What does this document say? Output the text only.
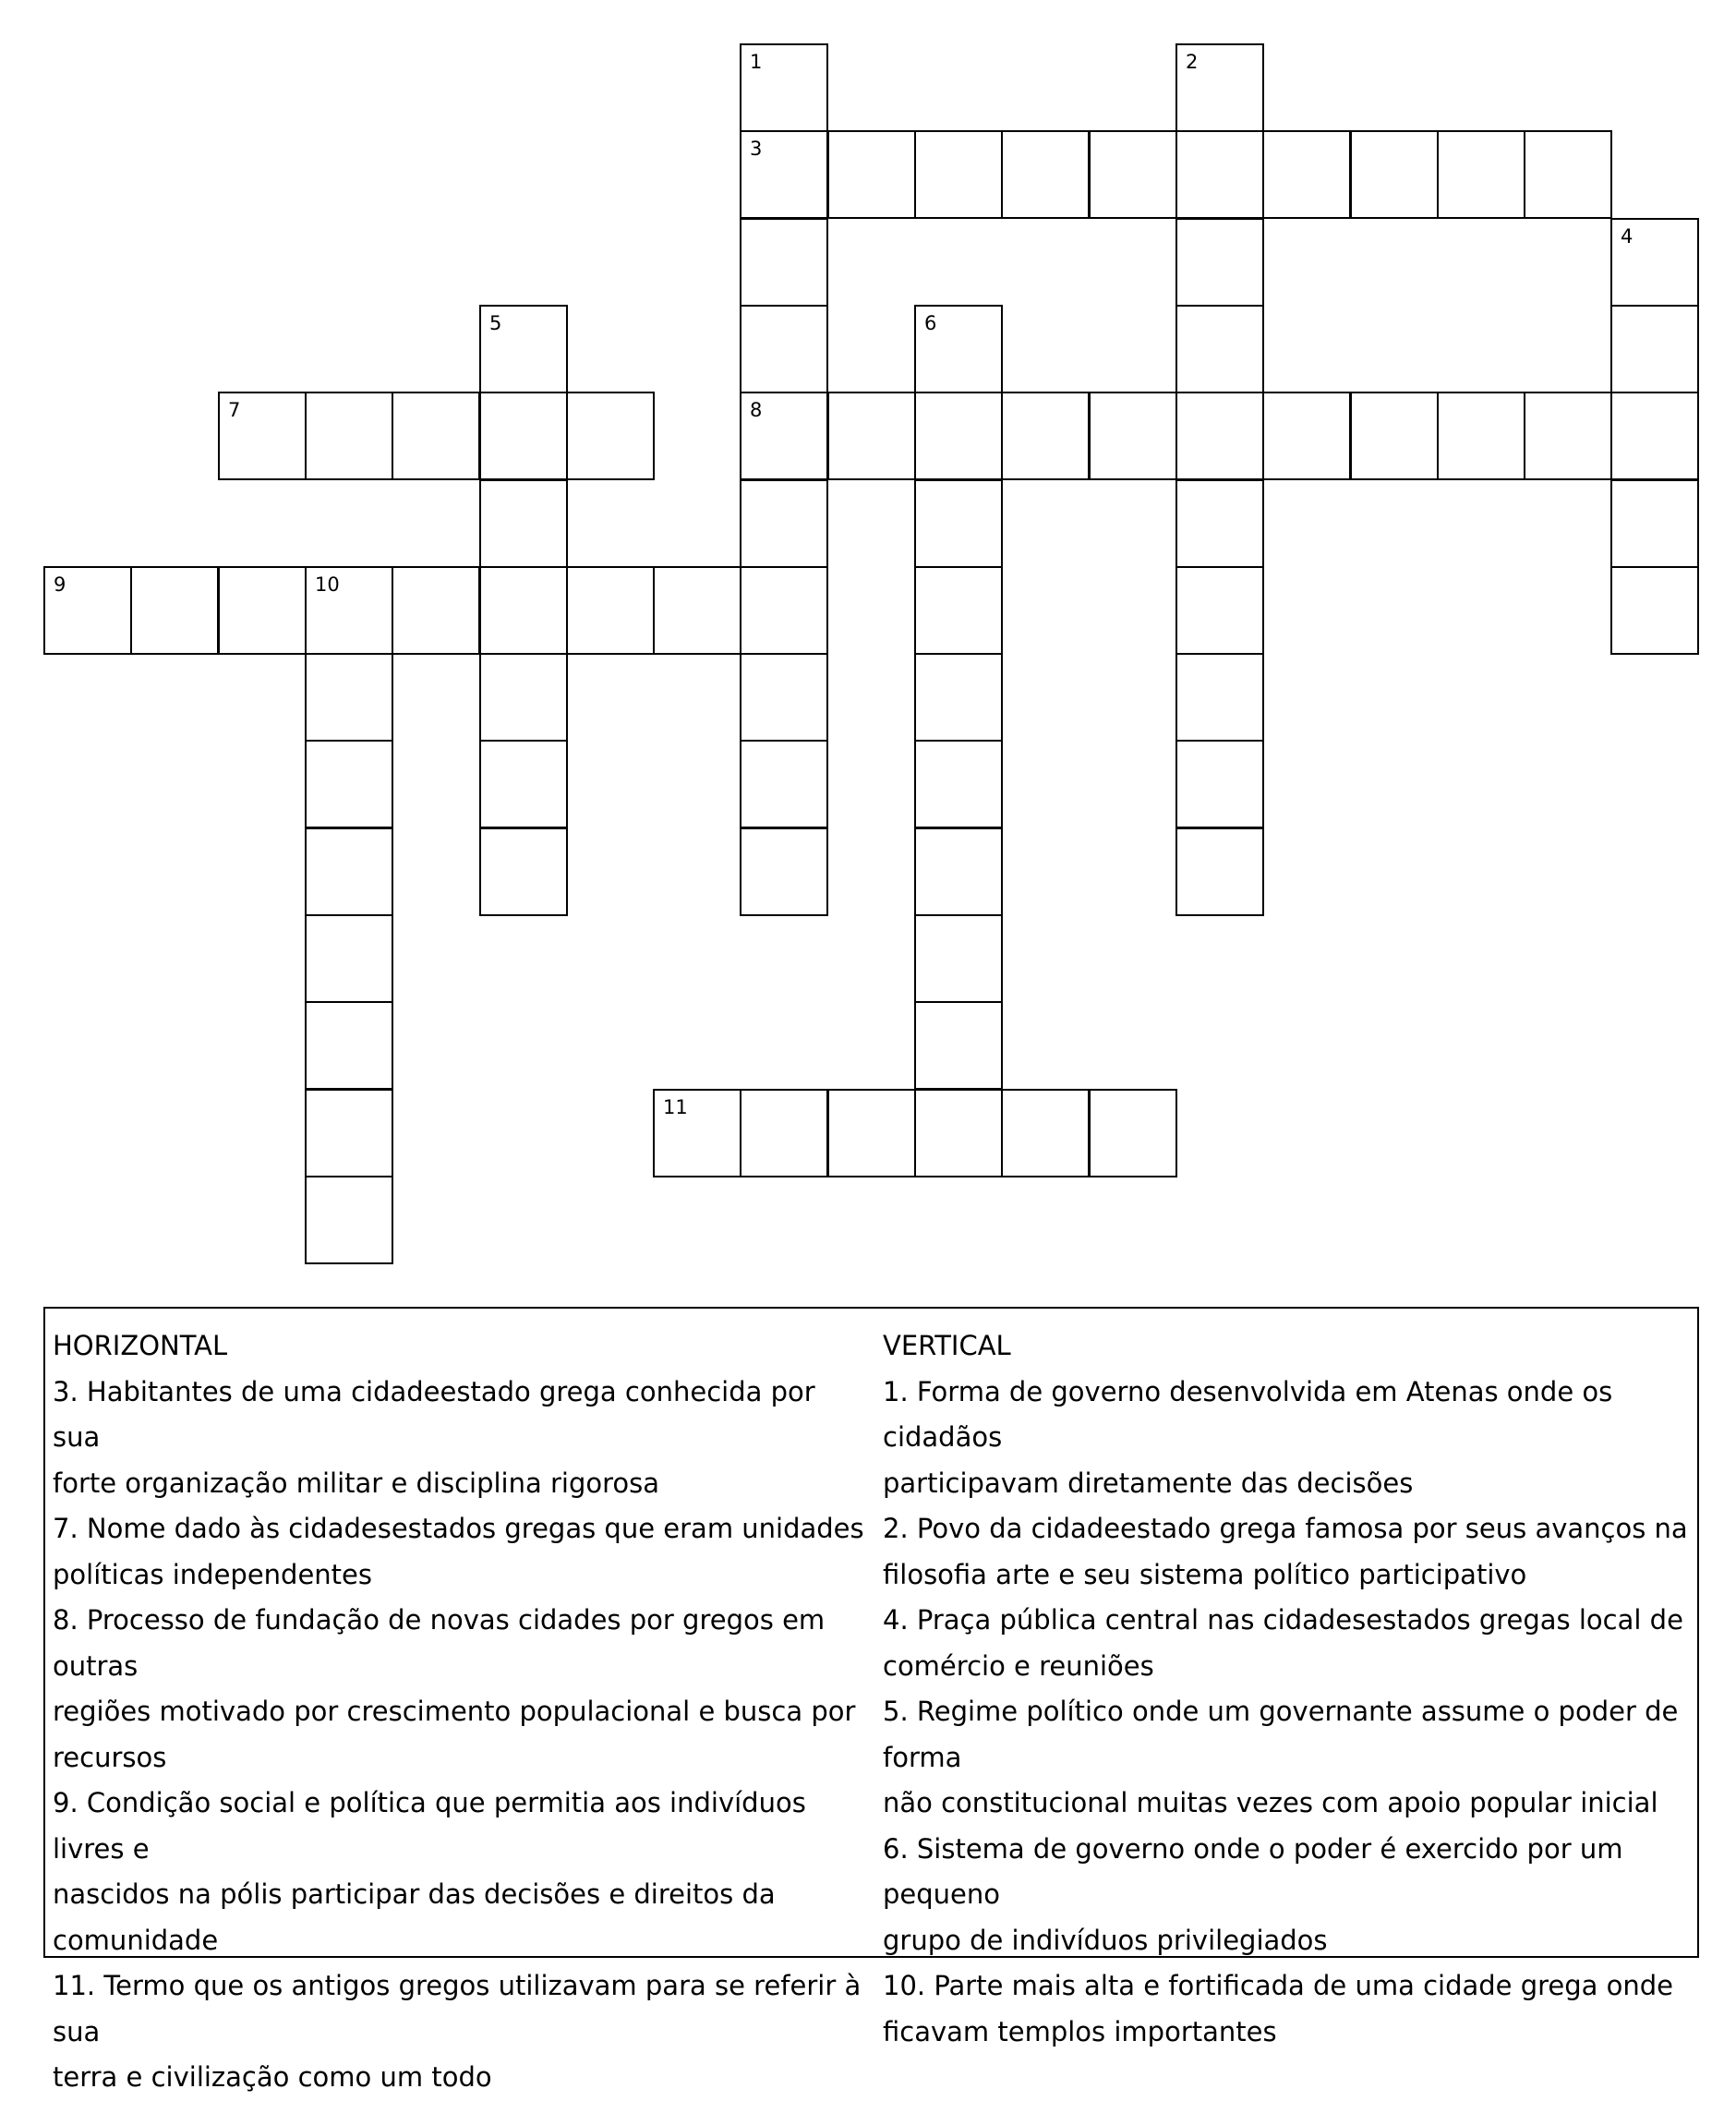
1	2
3
4
5	6
7	8
9	10
11
HORIZONTAL
3. Habitantes de uma cidadeestado grega conhecida por sua
forte organização militar e disciplina rigorosa
7. Nome dado às cidadesestados gregas que eram unidades
políticas independentes
8. Processo de fundação de novas cidades por gregos em outras
regiões motivado por crescimento populacional e busca por
recursos
9. Condição social e política que permitia aos indivíduos livres e
nascidos na pólis participar das decisões e direitos da
comunidade
11. Termo que os antigos gregos utilizavam para se referir à sua
terra e civilização como um todo
VERTICAL
1. Forma de governo desenvolvida em Atenas onde os cidadãos
participavam diretamente das decisões
2. Povo da cidadeestado grega famosa por seus avanços na
filosofia arte e seu sistema político participativo
4. Praça pública central nas cidadesestados gregas local de
comércio e reuniões
5. Regime político onde um governante assume o poder de forma
não constitucional muitas vezes com apoio popular inicial
6. Sistema de governo onde o poder é exercido por um pequeno
grupo de indivíduos privilegiados
10. Parte mais alta e fortificada de uma cidade grega onde
ficavam templos importantes
